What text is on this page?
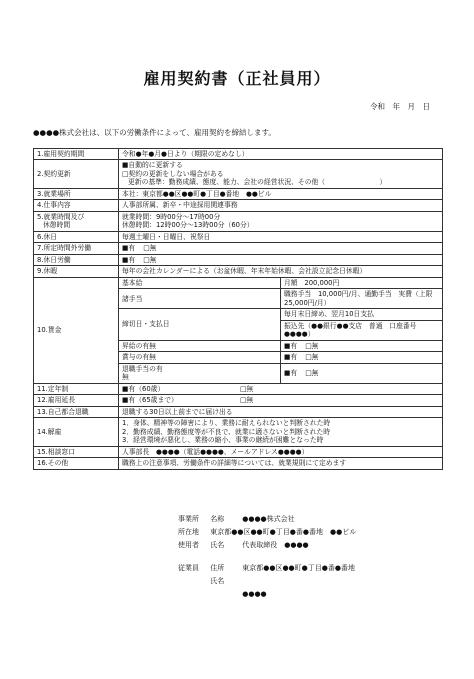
雇用契約書（正社員用）
令和　年　月　日
●●●●株式会社は、以下の労働条件によって、雇用契約を締結します。
1.雇用契約期間	令和●年●月●日より（期限の定めなし）	
2.契約更新	■自動的に更新する
□契約の更新をしない場合がある
更新の基準：勤務成績、態度、能力、会社の経営状況、その他（　　　　　　　　）	

3.就業場所	本社：東京都●●区●●町●丁目●番地　●●ビル	
4.仕事内容	人事部所属、新卒・中途採用関連事務	

5.就業時間及び
休憩時間	就業時間：9時00分～17時00分
休憩時間：12時00分～13時00分（60分）	

6.休日	毎週土曜日・日曜日、祝祭日	
7.所定時間外労働	■有 □無	
8.休日労働	■有 □無	
9.休暇	毎年の会社カレンダーによる（お盆休暇、年末年始休暇、会社設立記念日休暇）	
10.賃金	基本給	月額　200,000円
	諸手当	職務手当　10,000円/月、通勤手当　実費（上限25,000円/月）
	締切日・支払日	毎月末日締め、翌月10日支払
		振込先（●●銀行●●支店　普通　口座番号●●●●）
	昇給の有無	■有 □無
	賞与の有無	■有 □無

	退職手当の有
無	■有 □無
11.定年制	■有（60歳） □無	
12.雇用延長	■有（65歳まで） □無	
13.自己都合退職	退職する30日以上前までに届け出る	
14.解雇	1．身体、精神等の障害により、業務に耐えられないと判断された時
2．勤務成績、勤務態度等が不良で、就業に適さないと判断された時
3．経営環境が悪化し、業務の縮小、事業の継続が困難となった時	

15.相談窓口	人事部長　●●●●（電話●●●●、メールアドレス●●●●）	
16.その他	職務上の注意事項、労働条件の詳細等については、就業規則にて定めます	
事業所 名称	●●●●株式会社
所在地 東京都●●区●●町●丁目●番●番地　●●ビル
使用者 氏名	代表取締役　●●●●
従業員 住所	東京都●●区●●町●丁目●番●番地
氏名
●●●●
